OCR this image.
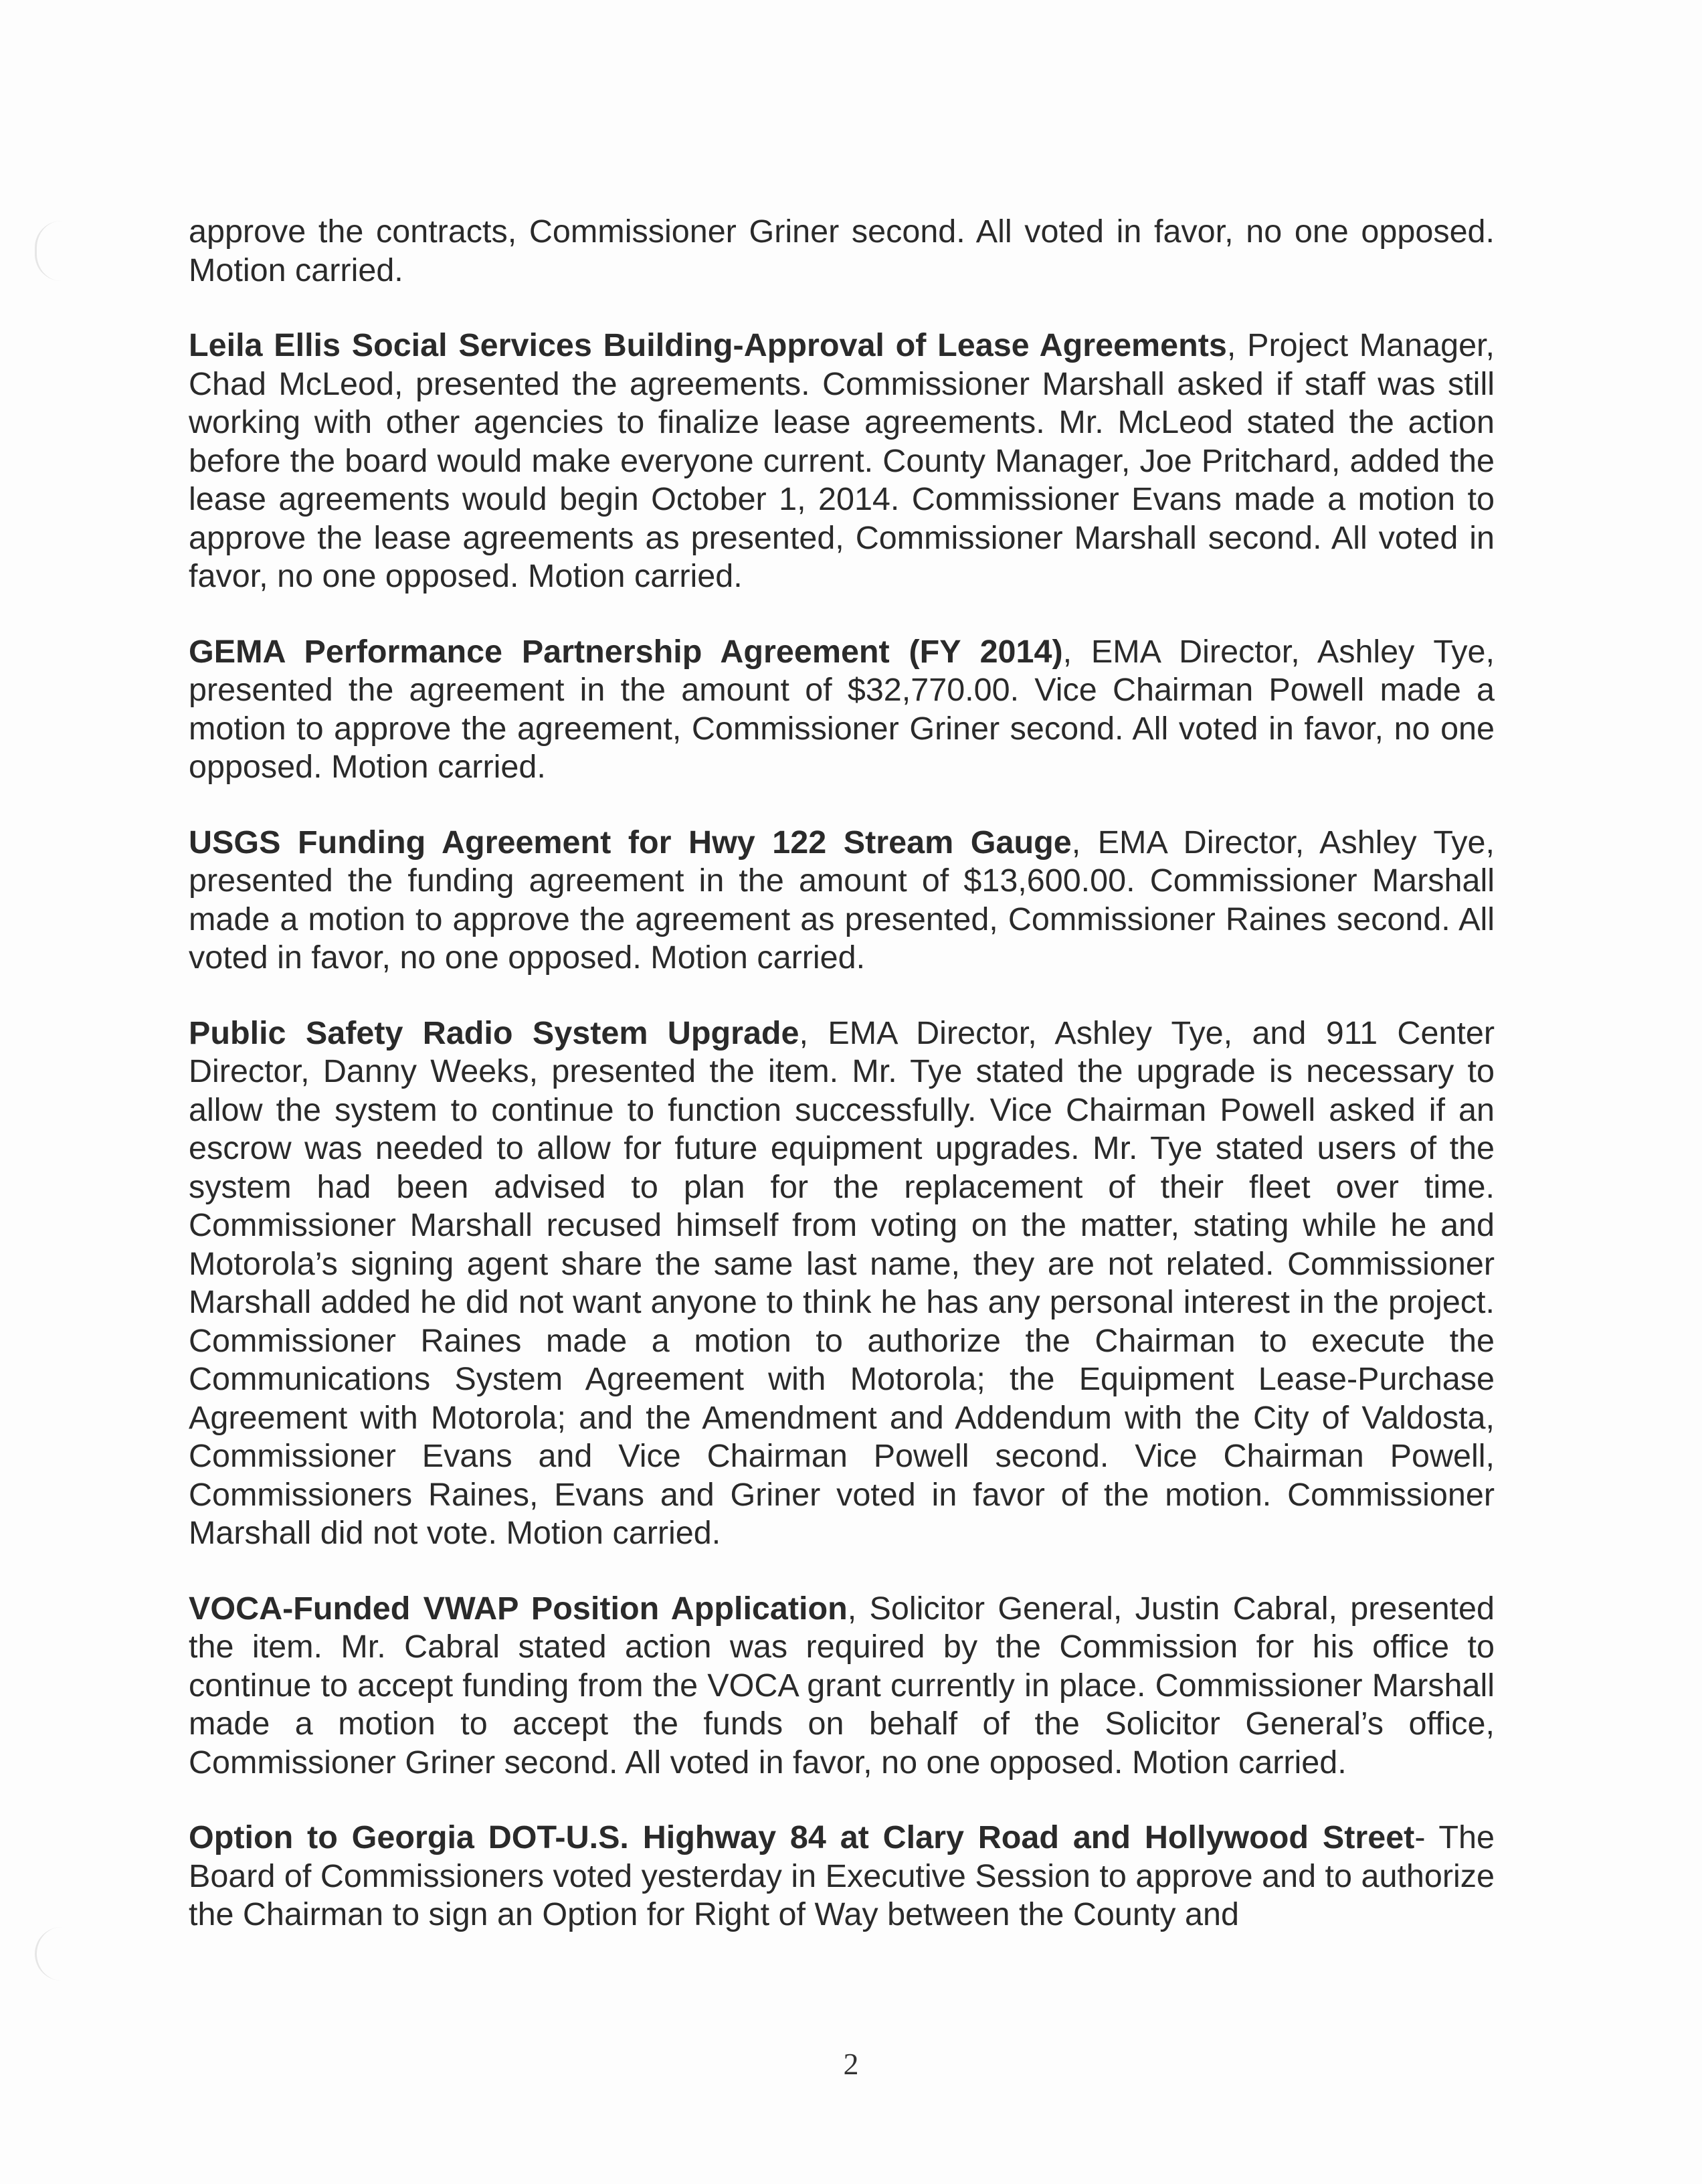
approve the contracts, Commissioner Griner second. All voted in favor, no one opposed. Motion carried.

Leila Ellis Social Services Building-Approval of Lease Agreements, Project Manager, Chad McLeod, presented the agreements. Commissioner Marshall asked if staff was still working with other agencies to finalize lease agreements. Mr. McLeod stated the action before the board would make everyone current. County Manager, Joe Pritchard, added the lease agreements would begin October 1, 2014. Commissioner Evans made a motion to approve the lease agreements as presented, Commissioner Marshall second. All voted in favor, no one opposed. Motion carried.

GEMA Performance Partnership Agreement (FY 2014), EMA Director, Ashley Tye, presented the agreement in the amount of $32,770.00. Vice Chairman Powell made a motion to approve the agreement, Commissioner Griner second. All voted in favor, no one opposed. Motion carried.

USGS Funding Agreement for Hwy 122 Stream Gauge, EMA Director, Ashley Tye, presented the funding agreement in the amount of $13,600.00. Commissioner Marshall made a motion to approve the agreement as presented, Commissioner Raines second. All voted in favor, no one opposed. Motion carried.

Public Safety Radio System Upgrade, EMA Director, Ashley Tye, and 911 Center Director, Danny Weeks, presented the item. Mr. Tye stated the upgrade is necessary to allow the system to continue to function successfully. Vice Chairman Powell asked if an escrow was needed to allow for future equipment upgrades. Mr. Tye stated users of the system had been advised to plan for the replacement of their fleet over time. Commissioner Marshall recused himself from voting on the matter, stating while he and Motorola’s signing agent share the same last name, they are not related. Commissioner Marshall added he did not want anyone to think he has any personal interest in the project. Commissioner Raines made a motion to authorize the Chairman to execute the Communications System Agreement with Motorola; the Equipment Lease-Purchase Agreement with Motorola; and the Amendment and Addendum with the City of Valdosta, Commissioner Evans and Vice Chairman Powell second. Vice Chairman Powell, Commissioners Raines, Evans and Griner voted in favor of the motion. Commissioner Marshall did not vote. Motion carried.

VOCA-Funded VWAP Position Application, Solicitor General, Justin Cabral, presented the item. Mr. Cabral stated action was required by the Commission for his office to continue to accept funding from the VOCA grant currently in place. Commissioner Marshall made a motion to accept the funds on behalf of the Solicitor General’s office, Commissioner Griner second. All voted in favor, no one opposed. Motion carried.

Option to Georgia DOT-U.S. Highway 84 at Clary Road and Hollywood Street- The Board of Commissioners voted yesterday in Executive Session to approve and to authorize the Chairman to sign an Option for Right of Way between the County and

2
